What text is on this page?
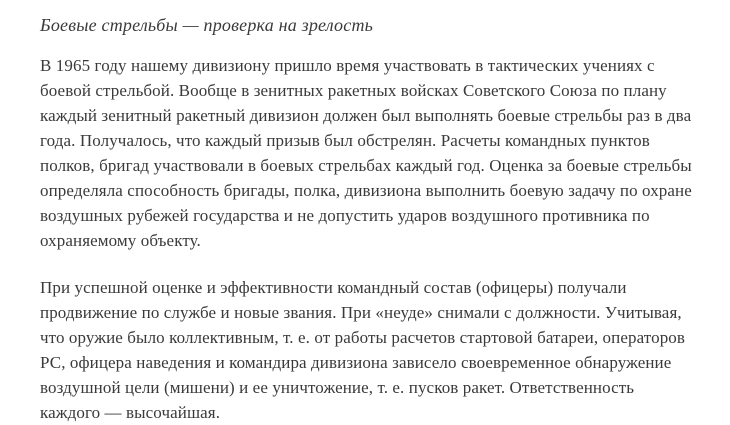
Боевые стрельбы — проверка на зрелость

В 1965 году нашему дивизиону пришло время участвовать в тактических учениях с боевой стрельбой. Вообще в зенитных ракетных войсках Советского Союза по плану каждый зенитный ракетный дивизион должен был выполнять боевые стрельбы раз в два года. Получалось, что каждый призыв был обстрелян. Расчеты командных пунктов полков, бригад участвовали в боевых стрельбах каждый год. Оценка за боевые стрельбы определяла способность бригады, полка, дивизиона выполнить боевую задачу по охране воздушных рубежей государства и не допустить ударов воздушного противника по охраняемому объекту.

При успешной оценке и эффективности командный состав (офицеры) получали продвижение по службе и новые звания. При «неуде» снимали с должности. Учитывая, что оружие было коллективным, т. е. от работы расчетов стартовой батареи, операторов РС, офицера наведения и командира дивизиона зависело своевременное обнаружение воздушной цели (мишени) и ее уничтожение, т. е. пусков ракет. Ответственность каждого — высочайшая.
